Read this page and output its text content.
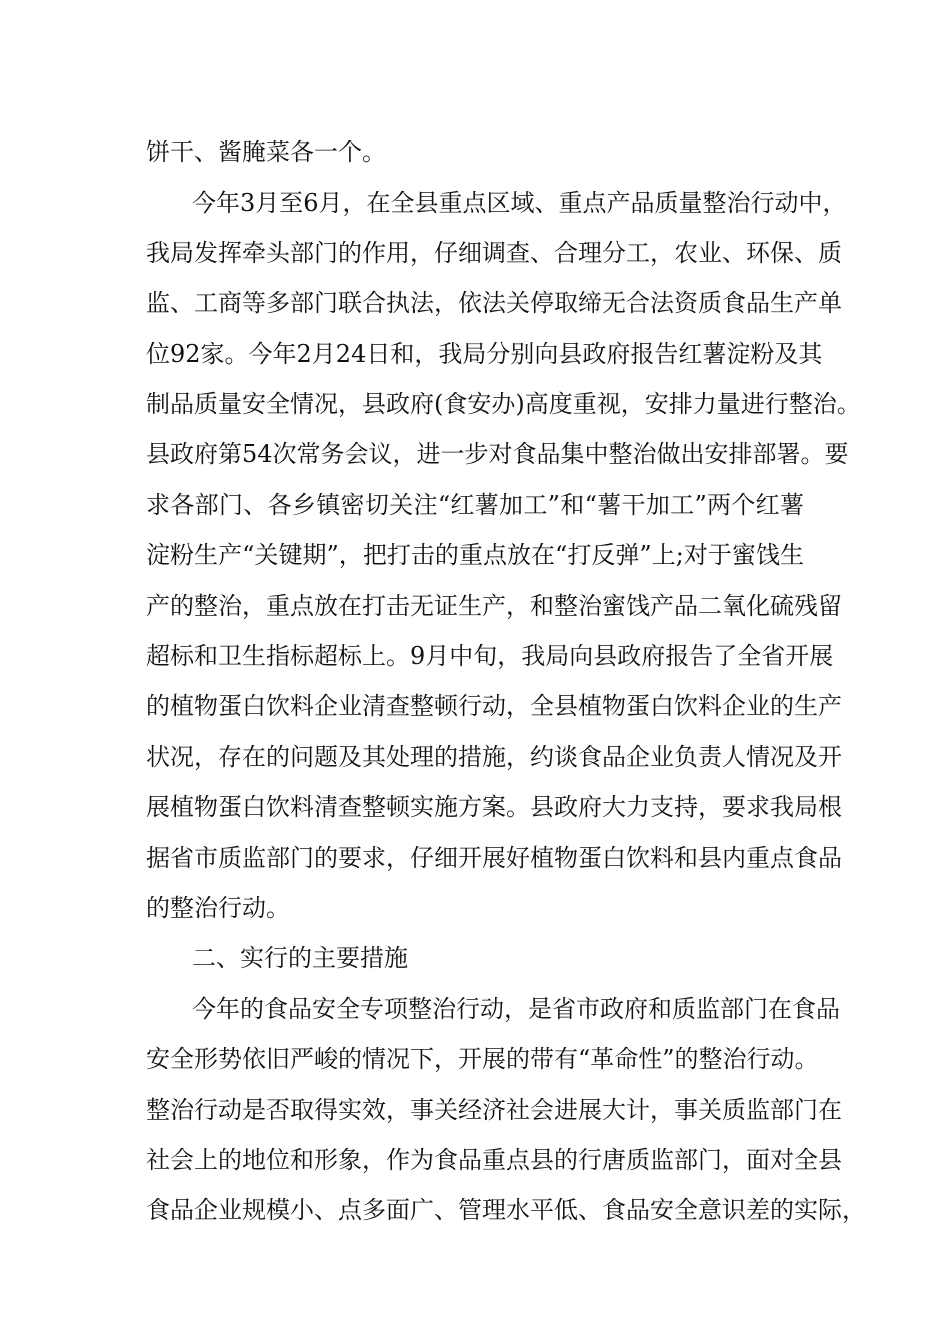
饼干、酱腌菜各一个。
今年3月至6月，在全县重点区域、重点产品质量整治行动中，
我局发挥牵头部门的作用，仔细调查、合理分工，农业、环保、质
监、工商等多部门联合执法，依法关停取缔无合法资质食品生产单
位92家。今年2月24日和，我局分别向县政府报告红薯淀粉及其
制品质量安全情况，县政府(食安办)高度重视，安排力量进行整治。
县政府第54次常务会议，进一步对食品集中整治做出安排部署。要
求各部门、各乡镇密切关注“红薯加工”和“薯干加工”两个红薯
淀粉生产“关键期”，把打击的重点放在“打反弹”上;对于蜜饯生
产的整治，重点放在打击无证生产，和整治蜜饯产品二氧化硫残留
超标和卫生指标超标上。9月中旬，我局向县政府报告了全省开展
的植物蛋白饮料企业清查整顿行动，全县植物蛋白饮料企业的生产
状况，存在的问题及其处理的措施，约谈食品企业负责人情况及开
展植物蛋白饮料清查整顿实施方案。县政府大力支持，要求我局根
据省市质监部门的要求，仔细开展好植物蛋白饮料和县内重点食品
的整治行动。
二、实行的主要措施
今年的食品安全专项整治行动，是省市政府和质监部门在食品
安全形势依旧严峻的情况下，开展的带有“革命性”的整治行动。
整治行动是否取得实效，事关经济社会进展大计，事关质监部门在
社会上的地位和形象，作为食品重点县的行唐质监部门，面对全县
食品企业规模小、点多面广、管理水平低、食品安全意识差的实际，
